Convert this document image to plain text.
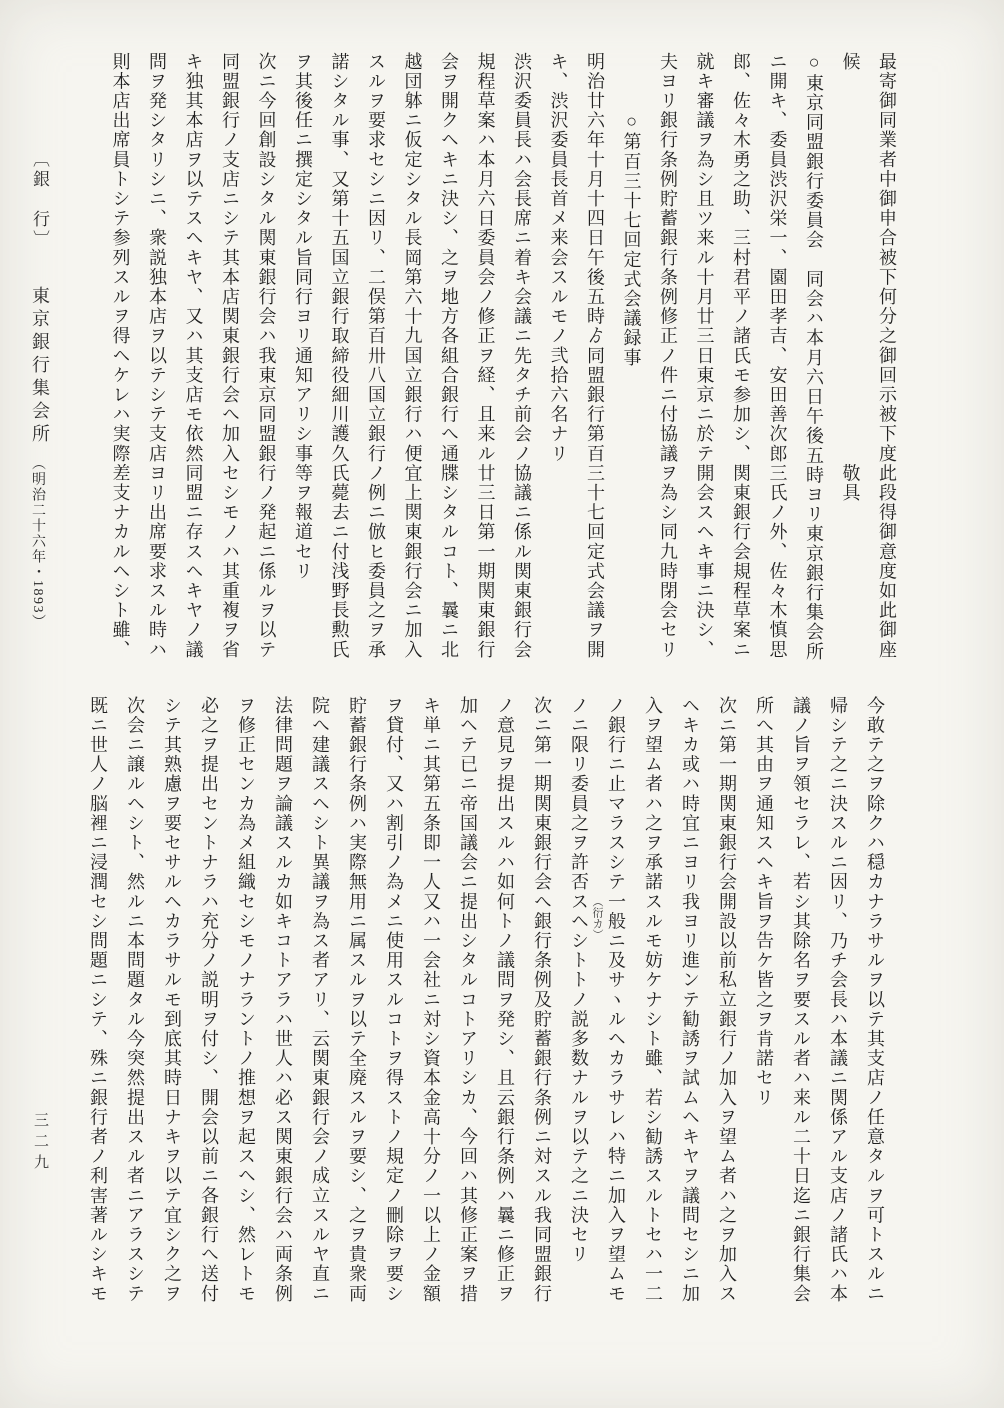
最寄御同業者中御申合被下何分之御回示被下度此段得御意度如此御座
候　　　　　　　　　　　　　　　　　　　　敬具
○東京同盟銀行委員会　同会ハ本月六日午後五時ヨリ東京銀行集会所
ニ開キ、委員渋沢栄一、園田孝吉、安田善次郎三氏ノ外、佐々木慎思
郎、佐々木勇之助、三村君平ノ諸氏モ参加シ、関東銀行会規程草案ニ
就キ審議ヲ為シ且ツ来ル十月廿三日東京ニ於テ開会スヘキ事ニ決シ、
夫ヨリ銀行条例貯蓄銀行条例修正ノ件ニ付協議ヲ為シ同九時閉会セリ
　　　○第百三十七回定式会議録事
明治廿六年十月十四日午後五時ゟ同盟銀行第百三十七回定式会議ヲ開
キ、渋沢委員長首メ来会スルモノ弐拾六名ナリ
渋沢委員長ハ会長席ニ着キ会議ニ先タチ前会ノ協議ニ係ル関東銀行会
規程草案ハ本月六日委員会ノ修正ヲ経、且来ル廿三日第一期関東銀行
会ヲ開クヘキニ決シ、之ヲ地方各組合銀行へ通牒シタルコト、曩ニ北
越団躰ニ仮定シタル長岡第六十九国立銀行ハ便宜上関東銀行会ニ加入
スルヲ要求セシニ因リ、二俣第百卅八国立銀行ノ例ニ倣ヒ委員之ヲ承
諾シタル事、又第十五国立銀行取締役細川護久氏薨去ニ付浅野長勲氏
ヲ其後任ニ撰定シタル旨同行ヨリ通知アリシ事等ヲ報道セリ
次ニ今回創設シタル関東銀行会ハ我東京同盟銀行ノ発起ニ係ルヲ以テ
同盟銀行ノ支店ニシテ其本店関東銀行会へ加入セシモノハ其重複ヲ省
キ独其本店ヲ以テスヘキヤ、又ハ其支店モ依然同盟ニ存スヘキヤノ議
問ヲ発シタリシニ、衆説独本店ヲ以テシテ支店ヨリ出席要求スル時ハ
則本店出席員トシテ参列スルヲ得ヘケレハ実際差支ナカルヘシト雖、
今敢テ之ヲ除クハ穏カナラサルヲ以テ其支店ノ任意タルヲ可トスルニ
帰シテ之ニ決スルニ因リ、乃チ会長ハ本議ニ関係アル支店ノ諸氏ハ本
議ノ旨ヲ領セラレ、若シ其除名ヲ要スル者ハ来ル二十日迄ニ銀行集会
所へ其由ヲ通知スヘキ旨ヲ告ケ皆之ヲ肯諾セリ
次ニ第一期関東銀行会開設以前私立銀行ノ加入ヲ望ム者ハ之ヲ加入ス
ヘキカ或ハ時宜ニヨリ我ヨリ進ンテ勧誘ヲ試ムヘキヤヲ議問セシニ加
入ヲ望ム者ハ之ヲ承諾スルモ妨ケナシト雖、若シ勧誘スルトセハ一二
ノ銀行ニ止マラスシテ一般ニ及サヽルヘカラサレハ特ニ加入ヲ望ムモ
ノニ限リ委員之ヲ許否スヘシトトノ説多数ナルヲ以テ之ニ決セリ
次ニ第一期関東銀行会へ銀行条例及貯蓄銀行条例ニ対スル我同盟銀行
ノ意見ヲ提出スルハ如何トノ議問ヲ発シ、且云銀行条例ハ曩ニ修正ヲ
加ヘテ已ニ帝国議会ニ提出シタルコトアリシカ、今回ハ其修正案ヲ措
キ単ニ其第五条即一人又ハ一会社ニ対シ資本金高十分ノ一以上ノ金額
ヲ貸付、又ハ割引ノ為メニ使用スルコトヲ得ストノ規定ノ刪除ヲ要シ
貯蓄銀行条例ハ実際無用ニ属スルヲ以テ全廃スルヲ要シ、之ヲ貴衆両
院へ建議スヘシト異議ヲ為ス者アリ、云関東銀行会ノ成立スルヤ直ニ
法律問題ヲ論議スルカ如キコトアラハ世人ハ必ス関東銀行会ハ両条例
ヲ修正センカ為メ組織セシモノナラントノ推想ヲ起スヘシ、然レトモ
必之ヲ提出セントナラハ充分ノ説明ヲ付シ、開会以前ニ各銀行へ送付
シテ其熟慮ヲ要セサルヘカラサルモ到底其時日ナキヲ以テ宜シク之ヲ
次会ニ譲ルヘシト、然ルニ本問題タル今突然提出スル者ニアラスシテ
既ニ世人ノ脳裡ニ浸潤セシ問題ニシテ、殊ニ銀行者ノ利害著ルシキモ	（衍カ）
〔銀　行〕
東京銀行集会所
（明治二十六年・1893）
三二九
